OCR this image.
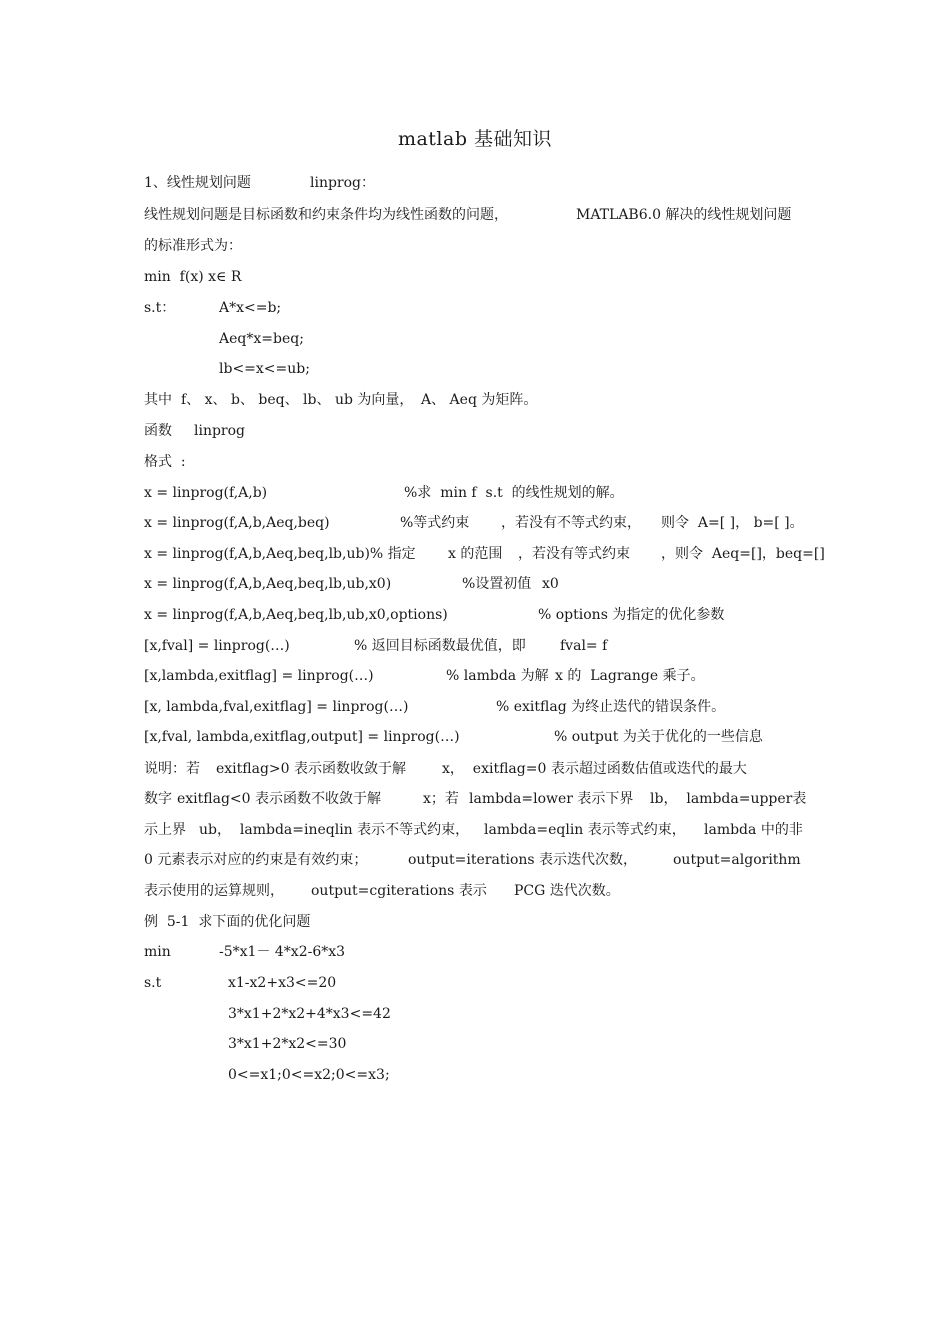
matlab 基础知识
1、线性规划问题	linprog：
线性规划问题是目标函数和约束条件均为线性函数的问题，	MATLAB6.0 解决的线性规划问题
的标准形式为：
min  f(x) x∈ R
s.t：	A*x<=b;
Aeq*x=beq;
lb<=x<=ub;
其中 f、 x、 b、 beq、 lb、 ub 为向量， A、 Aeq 为矩阵。
函数 linprog
格式  :
x = linprog(f,A,b)	%求  min f  s.t  的线性规划的解。
x = linprog(f,A,b,Aeq,beq)	%等式约束 ，若没有不等式约束， 则令  A=[ ]， b=[ ]。
x = linprog(f,A,b,Aeq,beq,lb,ub)% 指定 x 的范围 ，若没有等式约束 ，则令  Aeq=[]，beq=[]
x = linprog(f,A,b,Aeq,beq,lb,ub,x0)	%设置初值 x0
x = linprog(f,A,b,Aeq,beq,lb,ub,x0,options)	% options 为指定的优化参数
[x,fval] = linprog(…)	% 返回目标函数最优值，即 fval= f
[x,lambda,exitflag] = linprog(…)	% lambda 为解 x 的  Lagrange 乘子。
[x, lambda,fval,exitflag] = linprog(…)	% exitflag 为终止迭代的错误条件。
[x,fval, lambda,exitflag,output] = linprog(…)	% output 为关于优化的一些信息
说明：若 exitflag>0 表示函数收敛于解	x，  exitflag=0 表示超过函数估值或迭代的最大
数字 exitflag<0 表示函数不收敛于解	x；若 lambda=lower 表示下界 lb，  lambda=upper表
示上界 ub，  lambda=ineqlin 表示不等式约束， lambda=eqlin 表示等式约束， lambda 中的非
0 元素表示对应的约束是有效约束；	output=iterations 表示迭代次数，	output=algorithm
表示使用的运算规则， output=cgiterations 表示 PCG 迭代次数。
例  5-1  求下面的优化问题
min	-5*x1－ 4*x2-6*x3
s.t	x1-x2+x3<=20
3*x1+2*x2+4*x3<=42
3*x1+2*x2<=30
0<=x1;0<=x2;0<=x3;
